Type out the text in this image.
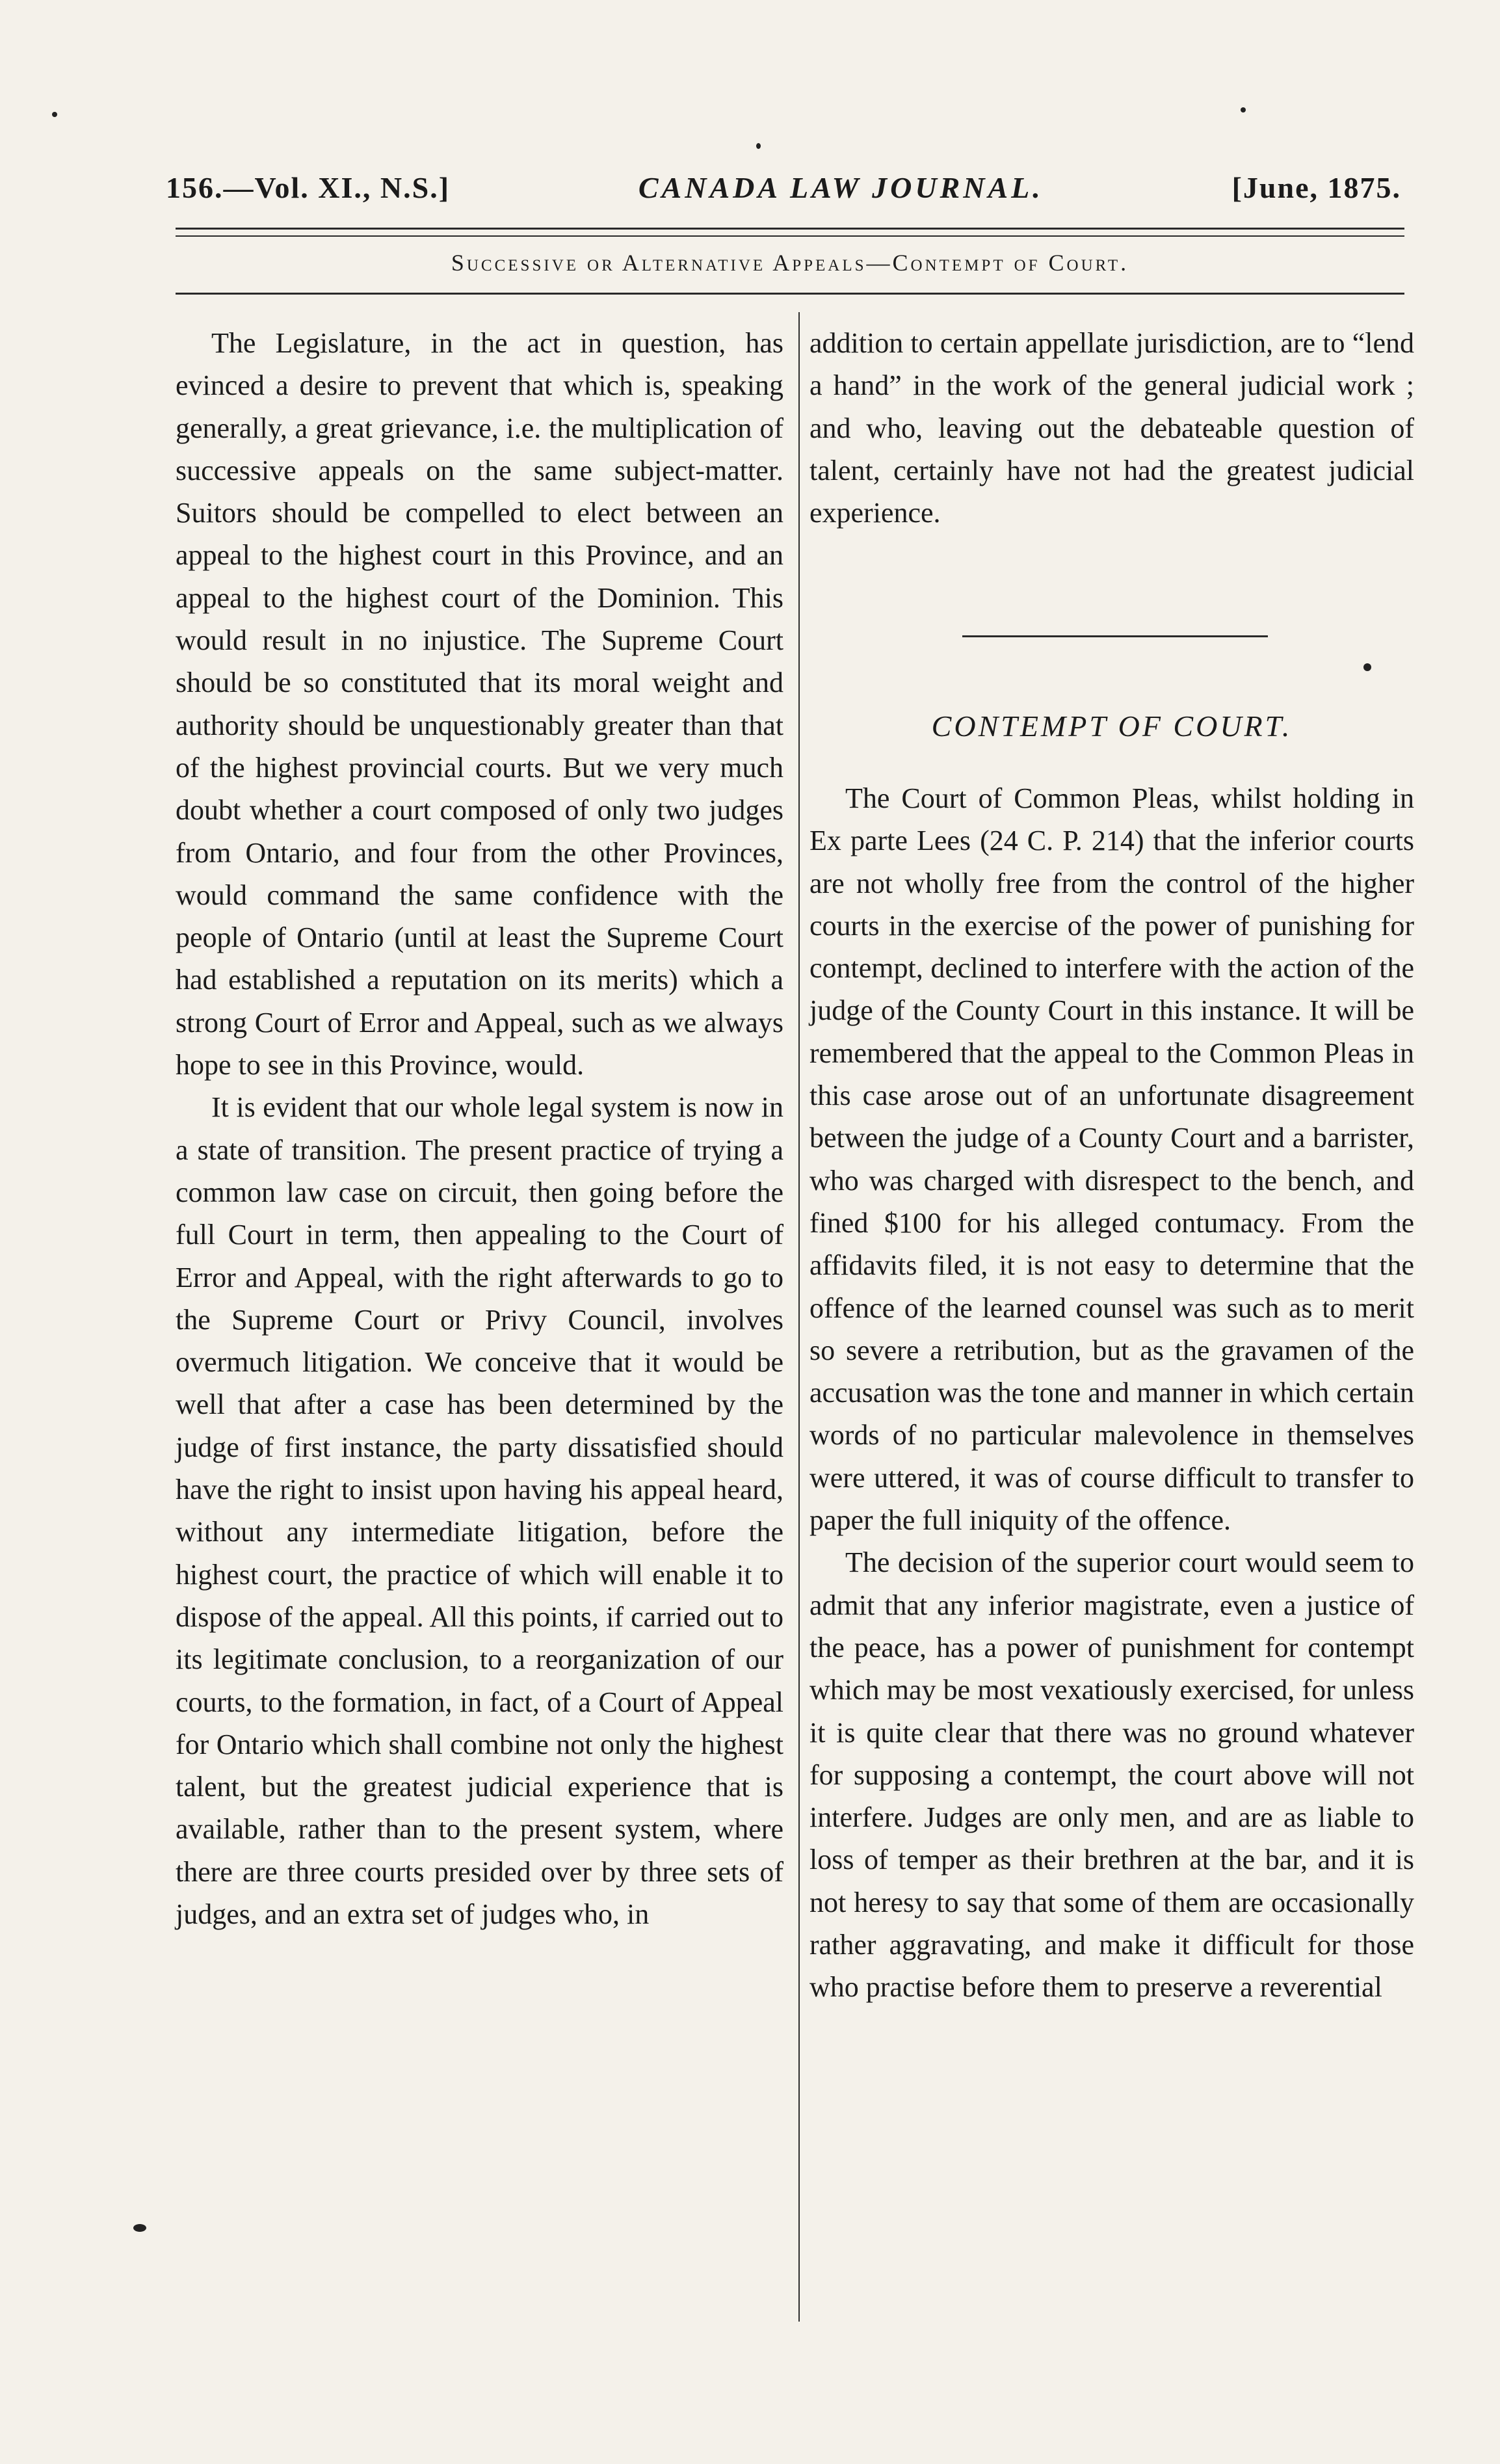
156.—Vol. XI., N.S.]	CANADA LAW JOURNAL.	[June, 1875.
Successive or Alternative Appeals—Contempt of Court.

The Legislature, in the act in question, has evinced a desire to prevent that which is, speaking generally, a great grievance, i.e. the multiplication of successive appeals on the same subject-matter. Suitors should be compelled to elect between an appeal to the highest court in this Province, and an appeal to the highest court of the Dominion. This would result in no injustice. The Supreme Court should be so constituted that its moral weight and authority should be unquestionably greater than that of the highest provincial courts. But we very much doubt whether a court composed of only two judges from Ontario, and four from the other Provinces, would command the same confidence with the people of Ontario (until at least the Supreme Court had established a reputation on its merits) which a strong Court of Error and Appeal, such as we always hope to see in this Province, would.

It is evident that our whole legal system is now in a state of transition. The present practice of trying a common law case on circuit, then going before the full Court in term, then appealing to the Court of Error and Appeal, with the right afterwards to go to the Supreme Court or Privy Council, involves overmuch litigation. We conceive that it would be well that after a case has been determined by the judge of first instance, the party dissatisfied should have the right to insist upon having his appeal heard, without any intermediate litigation, before the highest court, the practice of which will enable it to dispose of the appeal. All this points, if carried out to its legitimate conclusion, to a reorganization of our courts, to the formation, in fact, of a Court of Appeal for Ontario which shall combine not only the highest talent, but the greatest judicial experience that is available, rather than to the present system, where there are three courts presided over by three sets of judges, and an extra set of judges who, in

addition to certain appellate jurisdiction, are to “lend a hand” in the work of the general judicial work ; and who, leaving out the debateable question of talent, certainly have not had the greatest judicial experience.

CONTEMPT OF COURT.

The Court of Common Pleas, whilst holding in Ex parte Lees (24 C. P. 214) that the inferior courts are not wholly free from the control of the higher courts in the exercise of the power of punishing for contempt, declined to interfere with the action of the judge of the County Court in this instance. It will be remembered that the appeal to the Common Pleas in this case arose out of an unfortunate disagreement between the judge of a County Court and a barrister, who was charged with disrespect to the bench, and fined $100 for his alleged contumacy. From the affidavits filed, it is not easy to determine that the offence of the learned counsel was such as to merit so severe a retribution, but as the gravamen of the accusation was the tone and manner in which certain words of no particular malevolence in themselves were uttered, it was of course difficult to transfer to paper the full iniquity of the offence.

The decision of the superior court would seem to admit that any inferior magistrate, even a justice of the peace, has a power of punishment for contempt which may be most vexatiously exercised, for unless it is quite clear that there was no ground whatever for supposing a contempt, the court above will not interfere. Judges are only men, and are as liable to loss of temper as their brethren at the bar, and it is not heresy to say that some of them are occasionally rather aggravating, and make it difficult for those who practise before them to preserve a reverential
